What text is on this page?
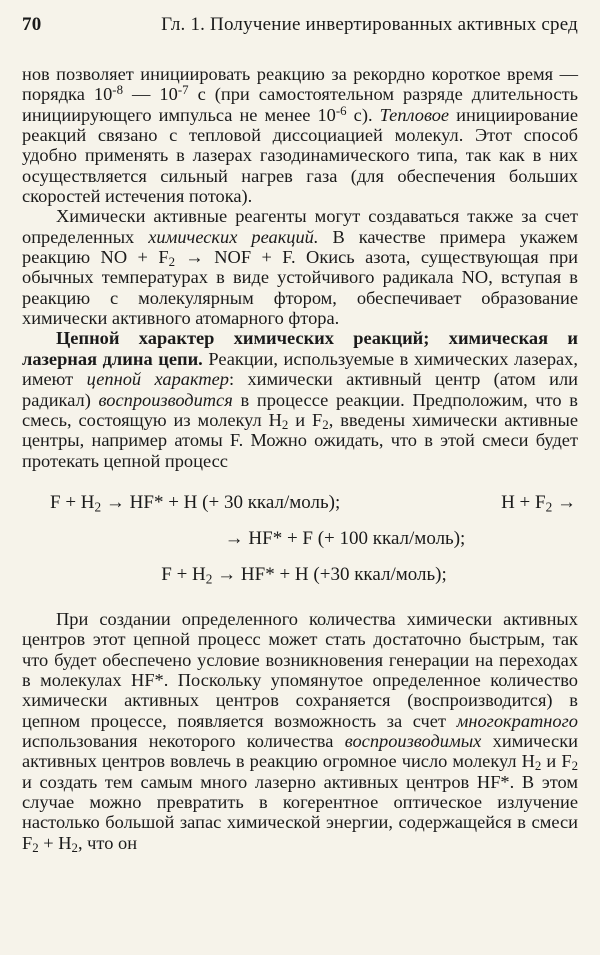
70	Гл. 1. Получение инвертированных активных сред

нов позволяет инициировать реакцию за рекордно короткое время — порядка $10^{-8}$ — $10^{-7}$ с (при самостоятельном разряде длительность инициирующего импульса не менее $10^{-6}$ с). Тепловое инициирование реакций связано с тепловой диссоциацией молекул. Этот способ удобно применять в лазерах газодинамического типа, так как в них осуществляется сильный нагрев газа (для обеспечения больших скоростей истечения потока).

Химически активные реагенты могут создаваться также за счет определенных химических реакций. В качестве примера укажем реакцию NO + $F_2$ → NOF + F. Окись азота, существующая при обычных температурах в виде устойчивого радикала NO, вступая в реакцию с молекулярным фтором, обеспечивает образование химически активного атомарного фтора.

Цепной характер химических реакций; химическая и лазерная длина цепи. Реакции, используемые в химических лазерах, имеют цепной характер: химически активный центр (атом или радикал) воспроизводится в процессе реакции. Предположим, что в смесь, состоящую из молекул $H_2$ и $F_2$, введены химически активные центры, например атомы F. Можно ожидать, что в этой смеси будет протекать цепной процесс

$F + H_2 \to HF* + H$ (+ 30 ккал/моль);	$H + F_2$ →
→ HF* + F (+ 100 ккал/моль);
$F + H_2 \to HF* + H$ (+30 ккал/моль);

При создании определенного количества химически активных центров этот цепной процесс может стать достаточно быстрым, так что будет обеспечено условие возникновения генерации на переходах в молекулах HF*. Поскольку упомянутое определенное количество химически активных центров сохраняется (воспроизводится) в цепном процессе, появляется возможность за счет многократного использования некоторого количества воспроизводимых химически активных центров вовлечь в реакцию огромное число молекул $H_2$ и $F_2$ и создать тем самым много лазерно активных центров HF*. В этом случае можно превратить в когерентное оптическое излучение настолько большой запас химической энергии, содержащейся в смеси $F_2 + H_2$, что он
